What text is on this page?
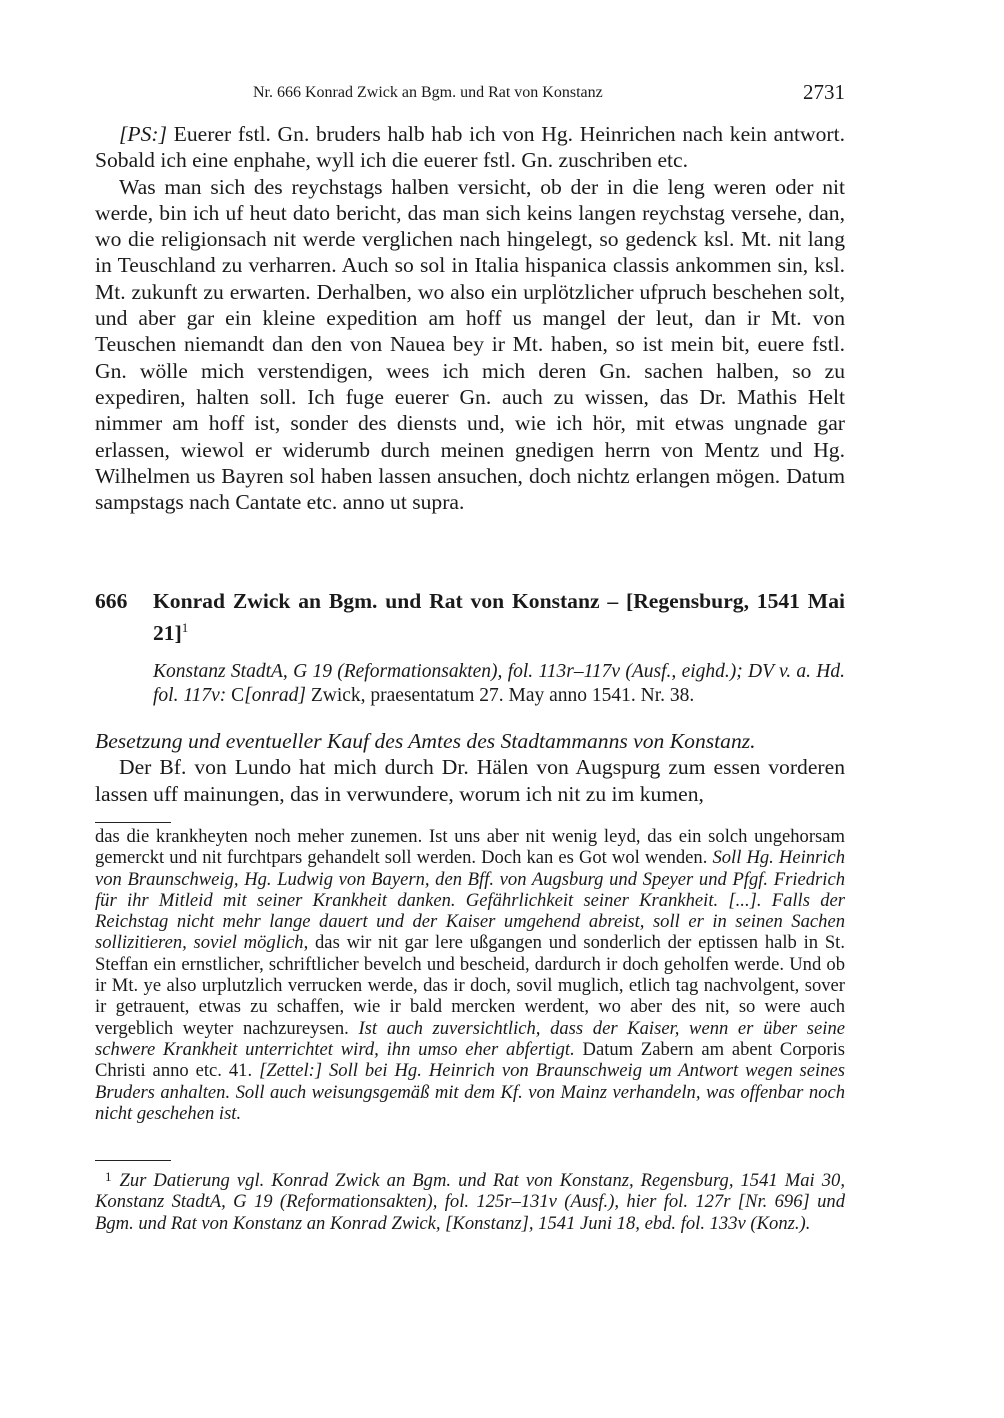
Nr. 666 Konrad Zwick an Bgm. und Rat von Konstanz	2731

[PS:] Euerer fstl. Gn. bruders halb hab ich von Hg. Heinrichen nach kein antwort. Sobald ich eine enphahe, wyll ich die euerer fstl. Gn. zuschriben etc.

Was man sich des reychstags halben versicht, ob der in die leng weren oder nit werde, bin ich uf heut dato bericht, das man sich keins langen reychstag versehe, dan, wo die religionsach nit werde verglichen nach hingelegt, so gedenck ksl. Mt. nit lang in Teuschland zu verharren. Auch so sol in Italia hispanica classis ankommen sin, ksl. Mt. zukunft zu erwarten. Derhalben, wo also ein urplötzlicher ufpruch beschehen solt, und aber gar ein kleine expedition am hoff us mangel der leut, dan ir Mt. von Teuschen niemandt dan den von Nauea bey ir Mt. haben, so ist mein bit, euere fstl. Gn. wölle mich verstendigen, wees ich mich deren Gn. sachen halben, so zu expediren, halten soll. Ich fuge euerer Gn. auch zu wissen, das Dr. Mathis Helt nimmer am hoff ist, sonder des diensts und, wie ich hör, mit etwas ungnade gar erlassen, wiewol er widerumb durch meinen gnedigen herrn von Mentz und Hg. Wilhelmen us Bayren sol haben lassen ansuchen, doch nichtz erlangen mögen. Datum sampstags nach Cantate etc. anno ut supra.

666 Konrad Zwick an Bgm. und Rat von Konstanz – [Regensburg, 1541 Mai 21]$^1$
Konstanz StadtA, G 19 (Reformationsakten), fol. 113r–117v (Ausf., eighd.); DV v. a. Hd. fol. 117v: C[onrad] Zwick, praesentatum 27. May anno 1541. Nr. 38.

Besetzung und eventueller Kauf des Amtes des Stadtammanns von Konstanz.

Der Bf. von Lundo hat mich durch Dr. Hälen von Augspurg zum essen vorderen lassen uff mainungen, das in verwundere, worum ich nit zu im kumen,

das die krankheyten noch meher zunemen. Ist uns aber nit wenig leyd, das ein solch ungehorsam gemerckt und nit furchtpars gehandelt soll werden. Doch kan es Got wol wenden. Soll Hg. Heinrich von Braunschweig, Hg. Ludwig von Bayern, den Bff. von Augsburg und Speyer und Pfgf. Friedrich für ihr Mitleid mit seiner Krankheit danken. Gefährlichkeit seiner Krankheit. [...]. Falls der Reichstag nicht mehr lange dauert und der Kaiser umgehend abreist, soll er in seinen Sachen sollizitieren, soviel möglich, das wir nit gar lere ußgangen und sonderlich der eptissen halb in St. Steffan ein ernstlicher, schriftlicher bevelch und bescheid, dardurch ir doch geholfen werde. Und ob ir Mt. ye also urplutzlich verrucken werde, das ir doch, sovil muglich, etlich tag nachvolgent, sover ir getrauent, etwas zu schaffen, wie ir bald mercken werdent, wo aber des nit, so were auch vergeblich weyter nachzureysen. Ist auch zuversichtlich, dass der Kaiser, wenn er über seine schwere Krankheit unterrichtet wird, ihn umso eher abfertigt. Datum Zabern am abent Corporis Christi anno etc. 41. [Zettel:] Soll bei Hg. Heinrich von Braunschweig um Antwort wegen seines Bruders anhalten. Soll auch weisungsgemäß mit dem Kf. von Mainz verhandeln, was offenbar noch nicht geschehen ist.

$^1$ Zur Datierung vgl. Konrad Zwick an Bgm. und Rat von Konstanz, Regensburg, 1541 Mai 30, Konstanz StadtA, G 19 (Reformationsakten), fol. 125r–131v (Ausf.), hier fol. 127r [Nr. 696] und Bgm. und Rat von Konstanz an Konrad Zwick, [Konstanz], 1541 Juni 18, ebd. fol. 133v (Konz.).
